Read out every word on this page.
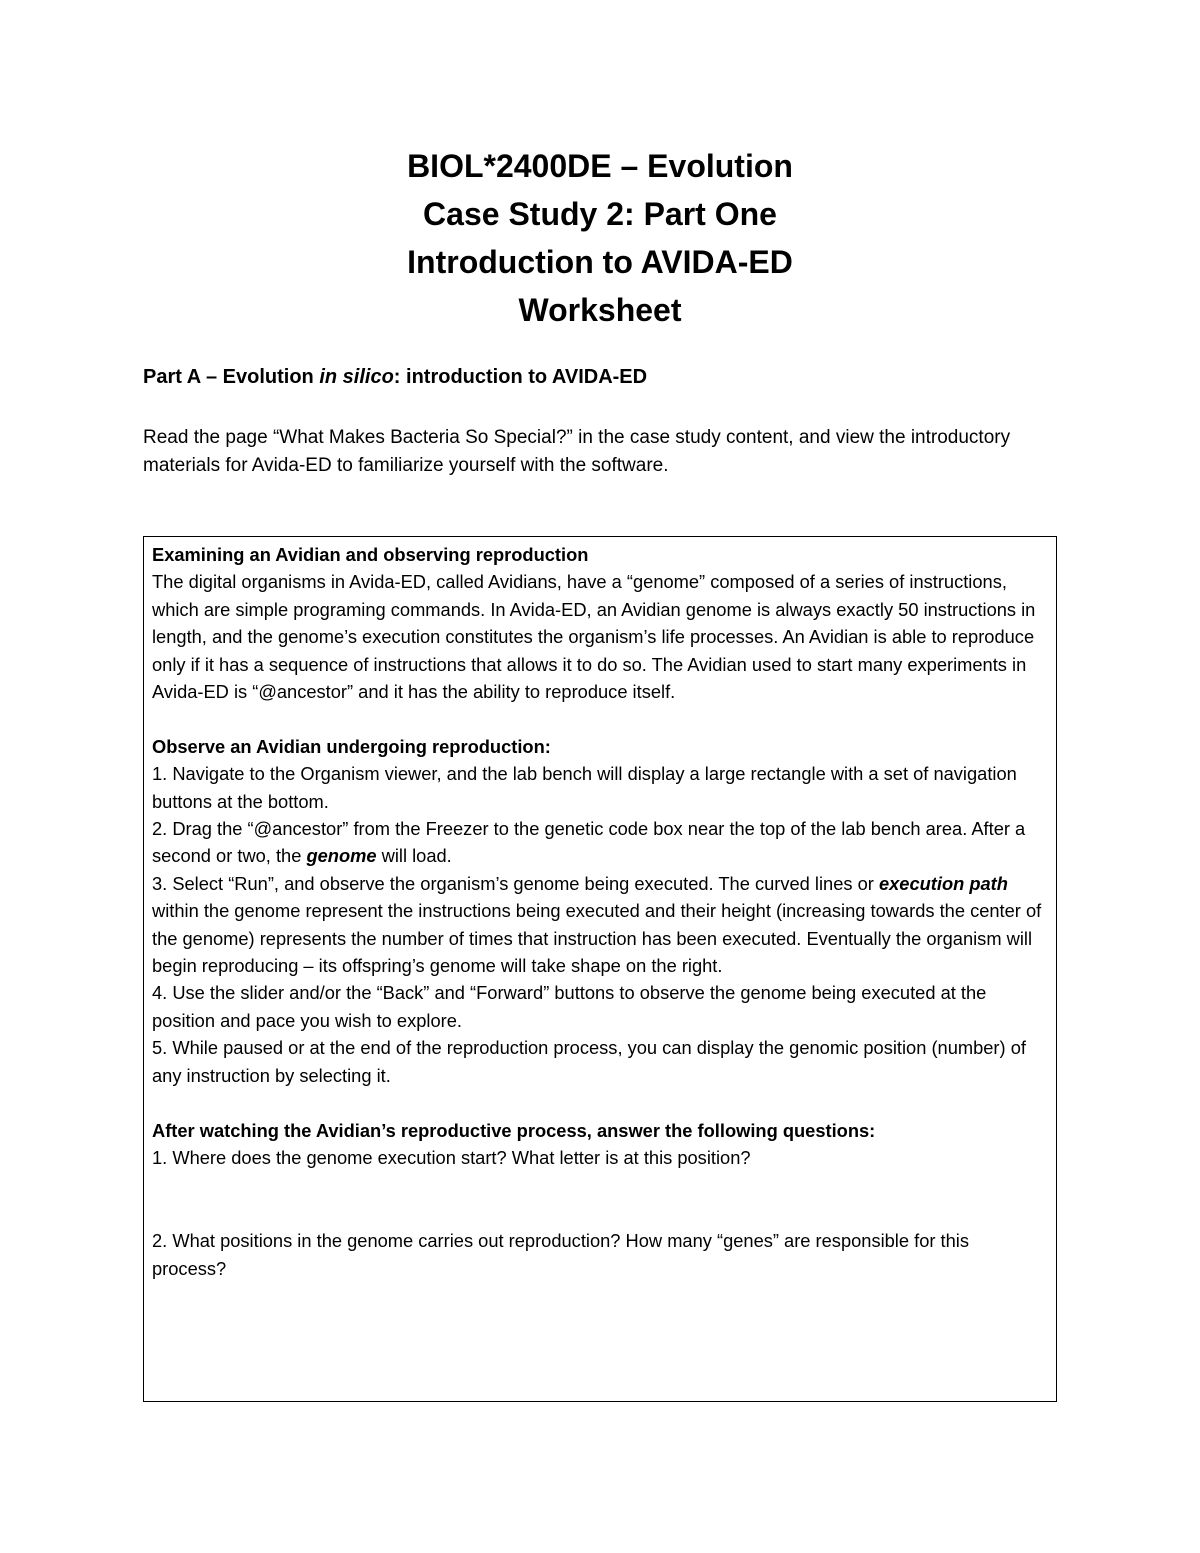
BIOL*2400DE – Evolution
Case Study 2: Part One
Introduction to AVIDA-ED
Worksheet
Part A – Evolution in silico: introduction to AVIDA-ED

Read the page “What Makes Bacteria So Special?” in the case study content, and view the introductory materials for Avida-ED to familiarize yourself with the software.

Examining an Avidian and observing reproduction

The digital organisms in Avida-ED, called Avidians, have a “genome” composed of a series of instructions, which are simple programing commands. In Avida-ED, an Avidian genome is always exactly 50 instructions in length, and the genome’s execution constitutes the organism’s life processes. An Avidian is able to reproduce only if it has a sequence of instructions that allows it to do so. The Avidian used to start many experiments in Avida-ED is “@ancestor” and it has the ability to reproduce itself.

Observe an Avidian undergoing reproduction:

1. Navigate to the Organism viewer, and the lab bench will display a large rectangle with a set of navigation buttons at the bottom.

2. Drag the “@ancestor” from the Freezer to the genetic code box near the top of the lab bench area. After a second or two, the genome will load.

3. Select “Run”, and observe the organism’s genome being executed. The curved lines or execution path within the genome represent the instructions being executed and their height (increasing towards the center of the genome) represents the number of times that instruction has been executed. Eventually the organism will begin reproducing – its offspring’s genome will take shape on the right.

4. Use the slider and/or the “Back” and “Forward” buttons to observe the genome being executed at the position and pace you wish to explore.

5. While paused or at the end of the reproduction process, you can display the genomic position (number) of any instruction by selecting it.

After watching the Avidian’s reproductive process, answer the following questions:

1. Where does the genome execution start? What letter is at this position?

2. What positions in the genome carries out reproduction? How many “genes” are responsible for this process?
